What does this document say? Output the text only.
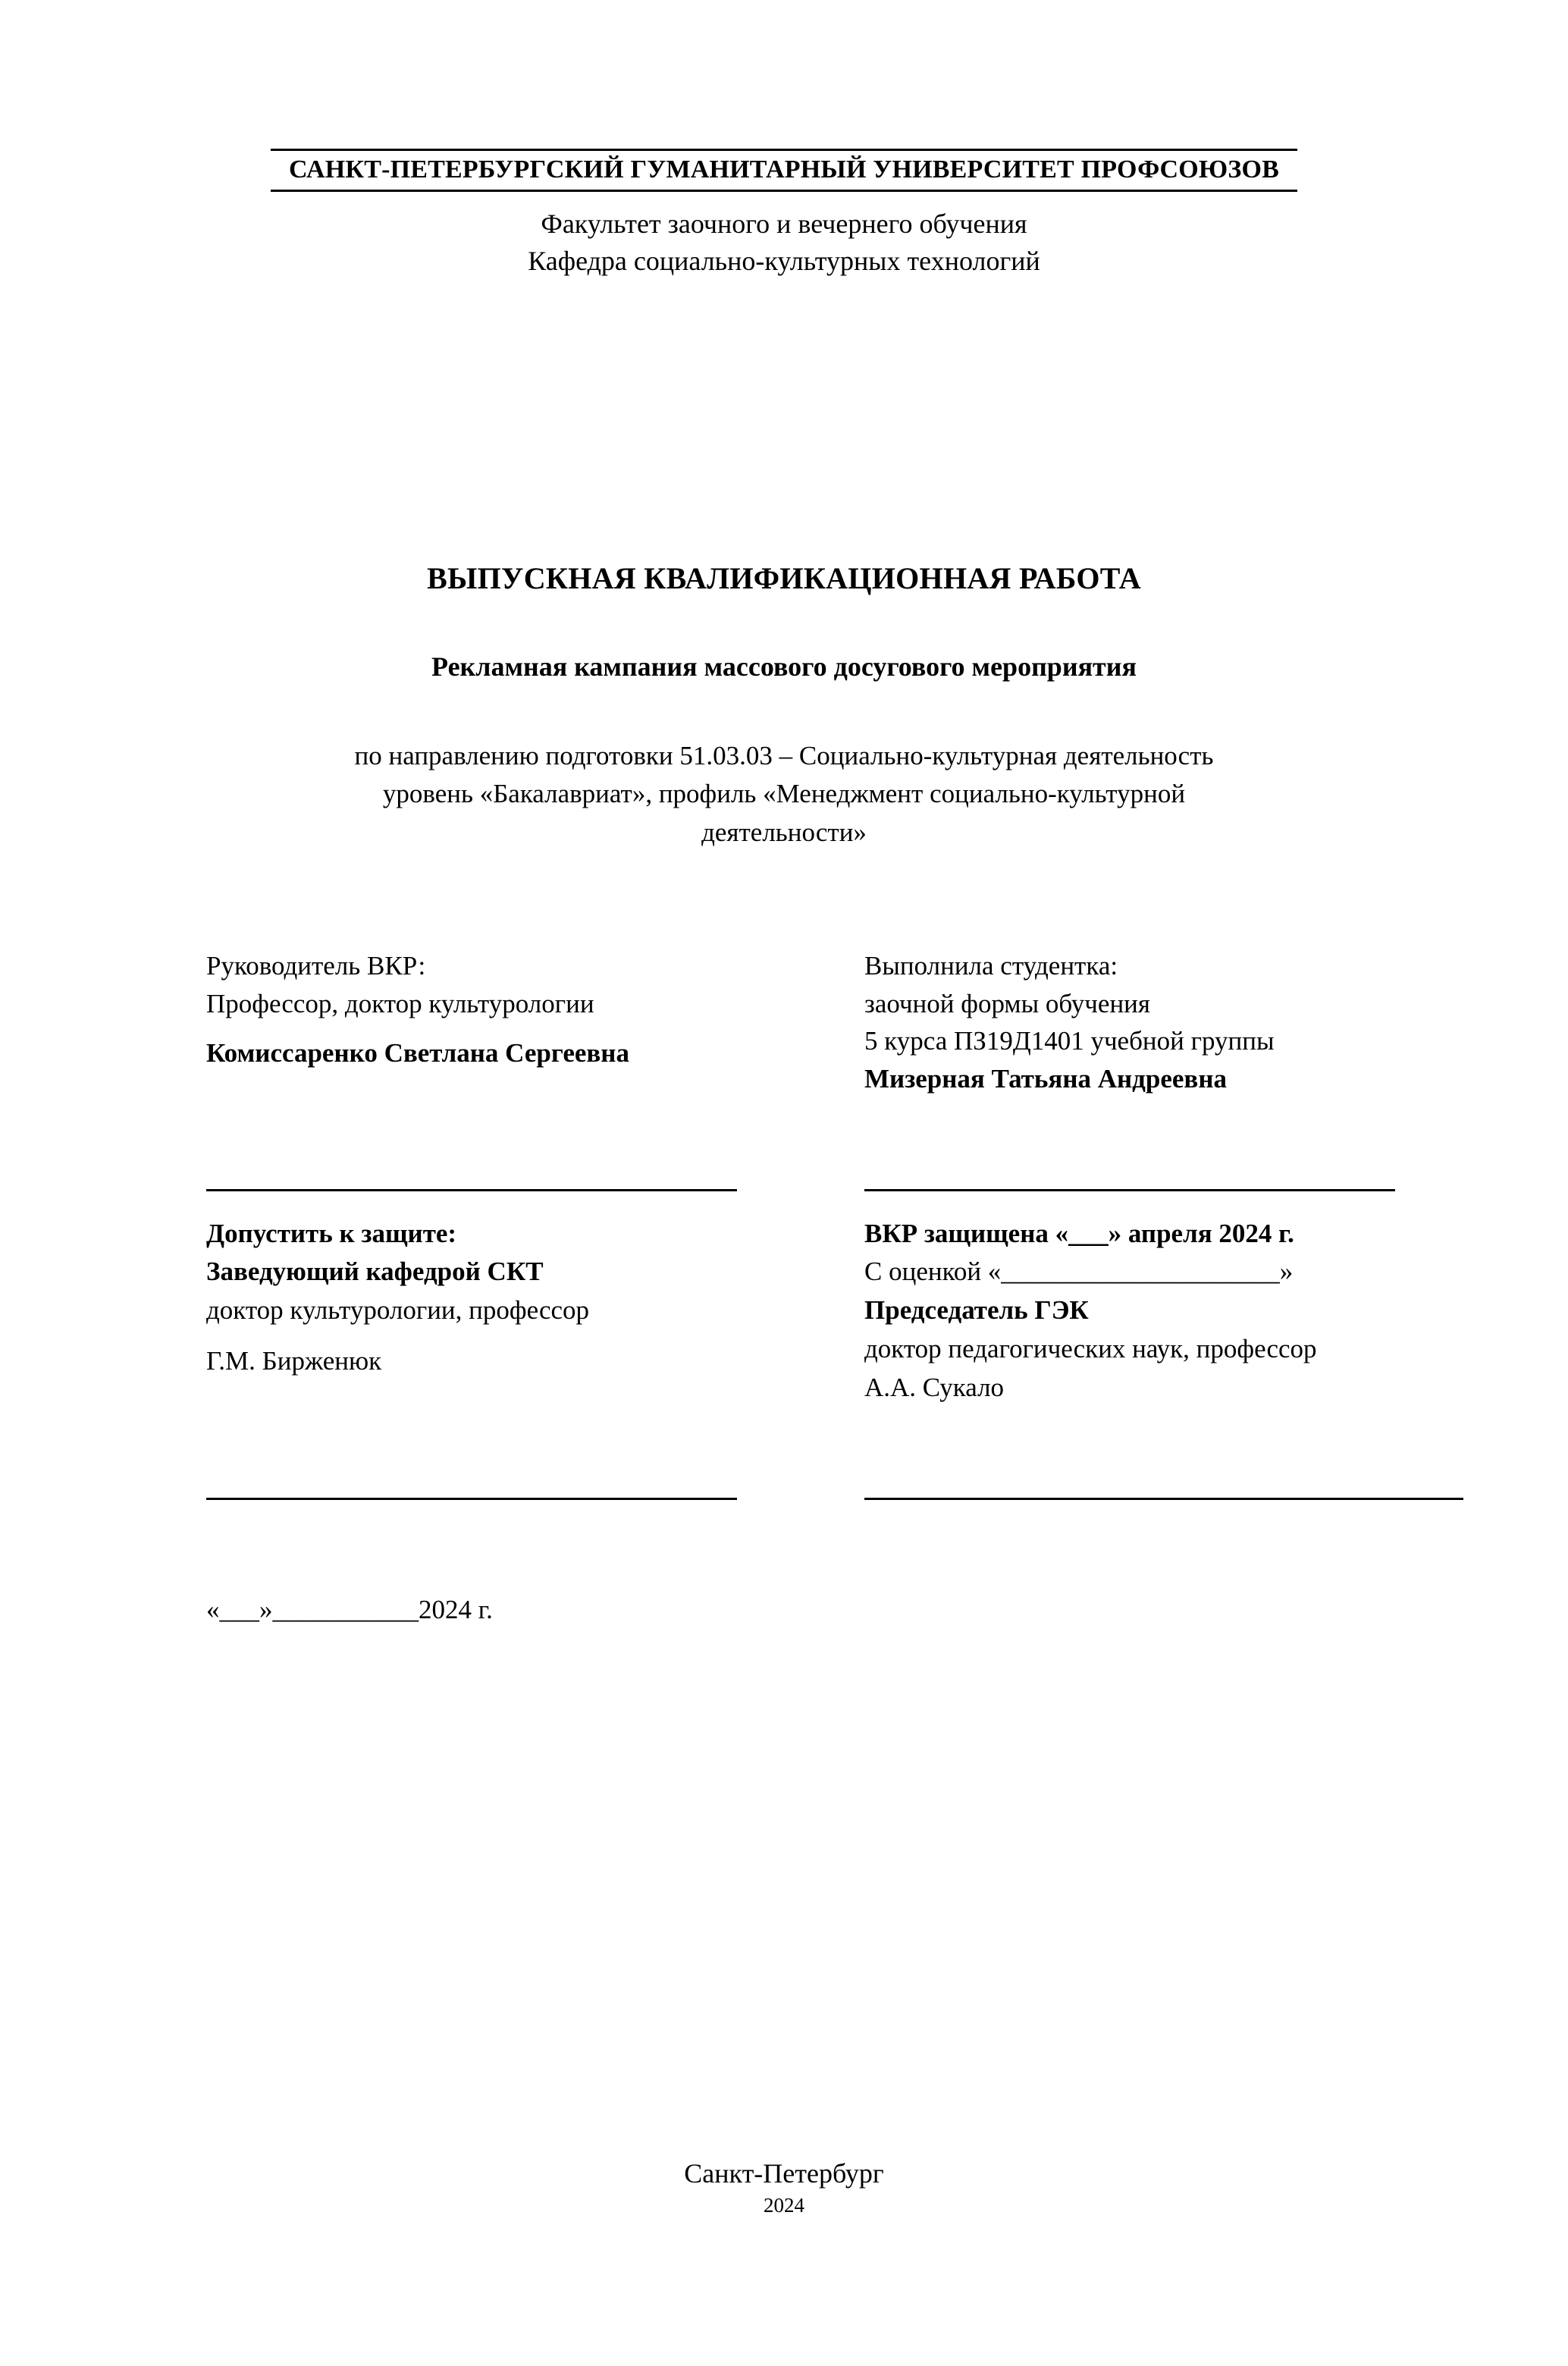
САНКТ-ПЕТЕРБУРГСКИЙ ГУМАНИТАРНЫЙ УНИВЕРСИТЕТ ПРОФСОЮЗОВ
Факультет заочного и вечернего обучения
Кафедра социально-культурных технологий
ВЫПУСКНАЯ КВАЛИФИКАЦИОННАЯ РАБОТА
Рекламная кампания массового досугового мероприятия
по направлению подготовки 51.03.03 – Социально-культурная деятельность
уровень «Бакалавриат», профиль «Менеджмент социально-культурной
деятельности»
Руководитель ВКР:
Профессор, доктор культурологии
Комиссаренко Светлана Сергеевна
Выполнила студентка:
заочной формы обучения
5 курса ПЗ19Д1401 учебной группы
Мизерная Татьяна Андреевна
Допустить к защите:
Заведующий кафедрой СКТ
доктор культурологии, профессор
Г.М. Бирженюк
ВКР защищена «___» апреля 2024 г.
С оценкой «_____________________»
Председатель ГЭК
доктор педагогических наук, профессор
А.А. Сукало
«___»___________2024 г.
Санкт-Петербург
2024
